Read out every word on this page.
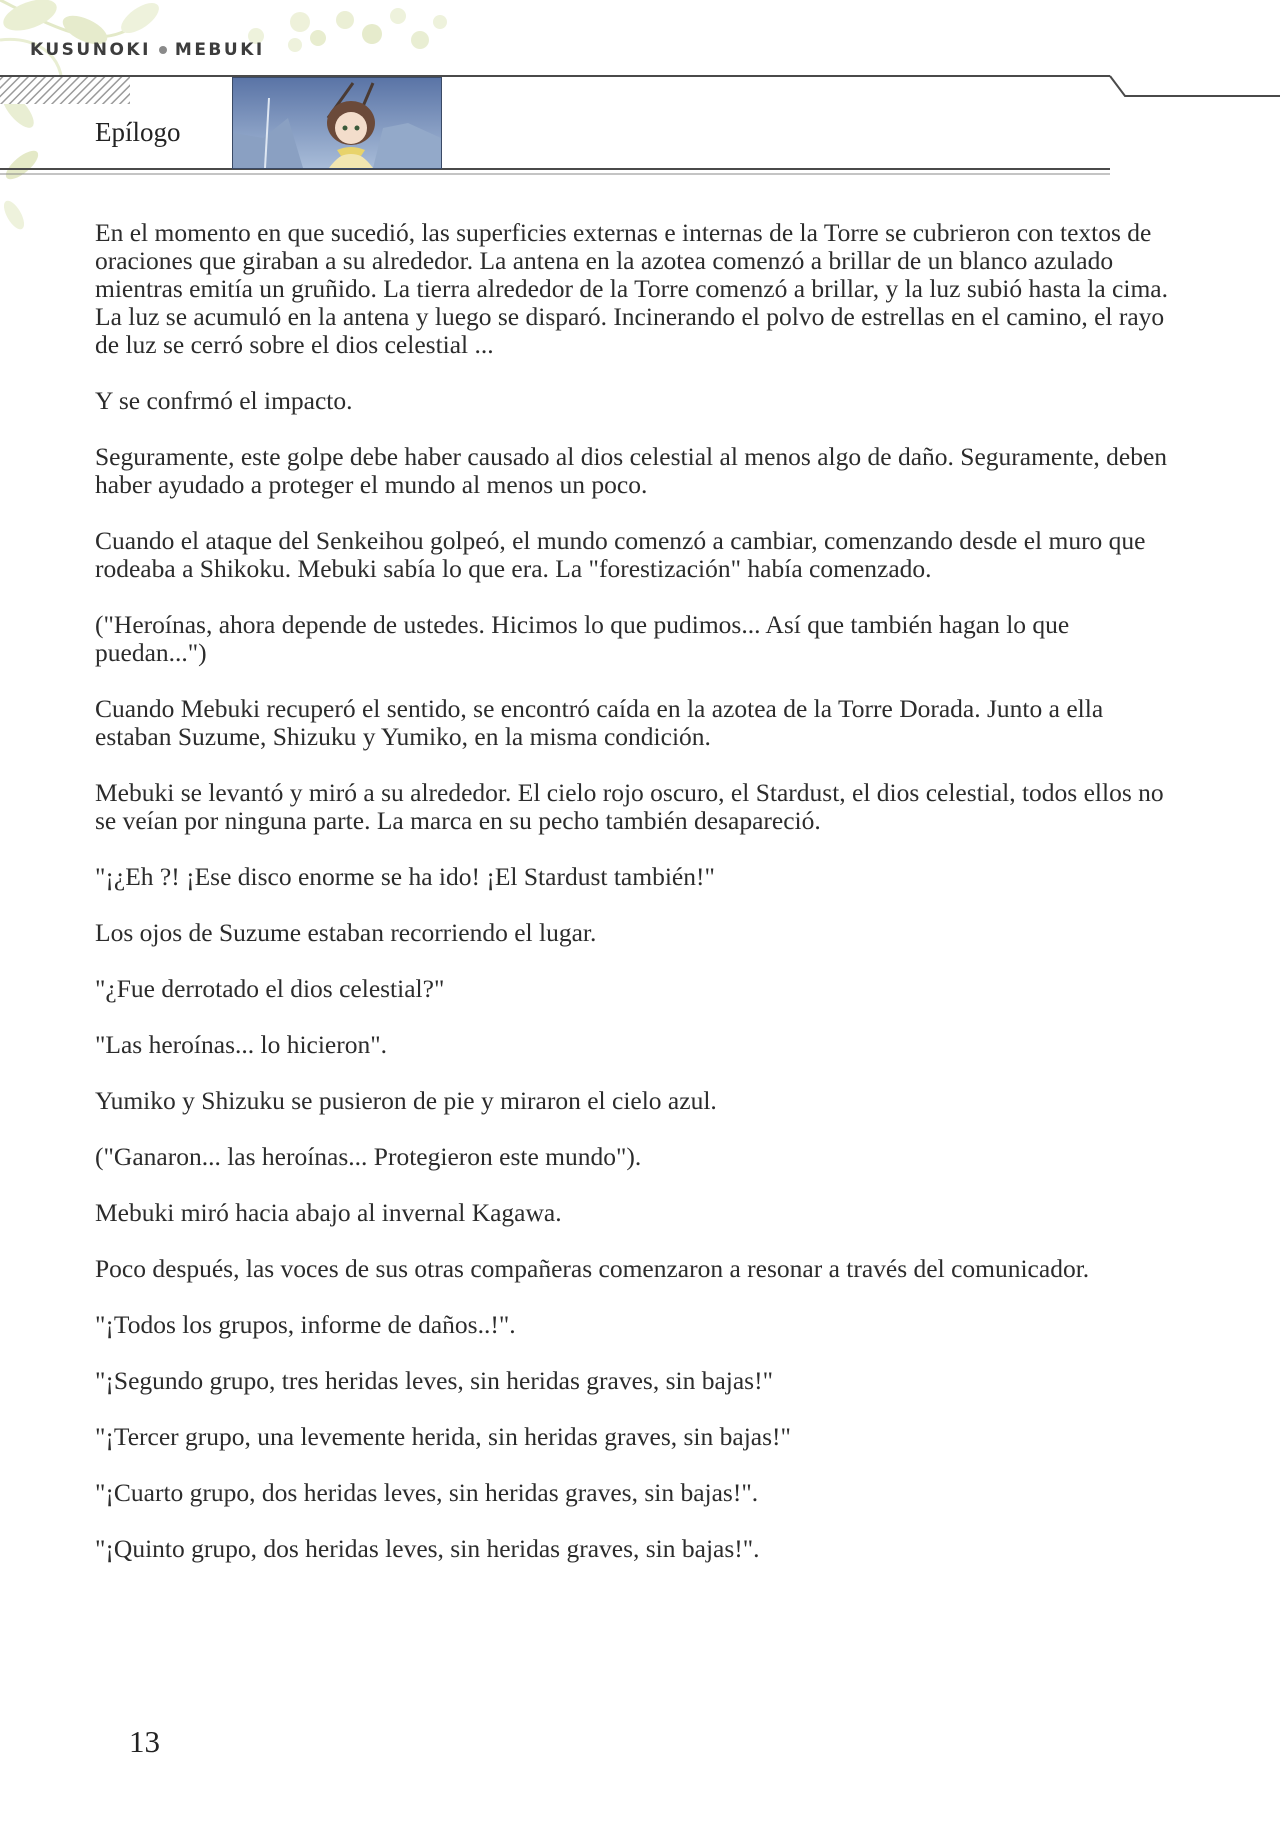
KUSUNOKI MEBUKI
Epílogo

En el momento en que sucedió, las superficies externas e internas de la Torre se cubrieron con textos de oraciones que giraban a su alrededor. La antena en la azotea comenzó a brillar de un blanco azulado mientras emitía un gruñido. La tierra alrededor de la Torre comenzó a brillar, y la luz subió hasta la cima. La luz se acumuló en la antena y luego se disparó. Incinerando el polvo de estrellas en el camino, el rayo de luz se cerró sobre el dios celestial ...

Y se confrmó el impacto.

Seguramente, este golpe debe haber causado al dios celestial al menos algo de daño. Seguramente, deben haber ayudado a proteger el mundo al menos un poco.

Cuando el ataque del Senkeihou golpeó, el mundo comenzó a cambiar, comenzando desde el muro que rodeaba a Shikoku. Mebuki sabía lo que era. La "forestización" había comenzado.

("Heroínas, ahora depende de ustedes. Hicimos lo que pudimos... Así que también hagan lo que puedan...")

Cuando Mebuki recuperó el sentido, se encontró caída en la azotea de la Torre Dorada. Junto a ella estaban Suzume, Shizuku y Yumiko, en la misma condición.

Mebuki se levantó y miró a su alrededor. El cielo rojo oscuro, el Stardust, el dios celestial, todos ellos no se veían por ninguna parte. La marca en su pecho también desapareció.

"¡¿Eh ?! ¡Ese disco enorme se ha ido! ¡El Stardust también!"

Los ojos de Suzume estaban recorriendo el lugar.

"¿Fue derrotado el dios celestial?"

"Las heroínas... lo hicieron".

Yumiko y Shizuku se pusieron de pie y miraron el cielo azul.

("Ganaron... las heroínas... Protegieron este mundo").

Mebuki miró hacia abajo al invernal Kagawa.

Poco después, las voces de sus otras compañeras comenzaron a resonar a través del comunicador.

"¡Todos los grupos, informe de daños..!".

"¡Segundo grupo, tres heridas leves, sin heridas graves, sin bajas!"

"¡Tercer grupo, una levemente herida, sin heridas graves, sin bajas!"

"¡Cuarto grupo, dos heridas leves, sin heridas graves, sin bajas!".

"¡Quinto grupo, dos heridas leves, sin heridas graves, sin bajas!".

13
